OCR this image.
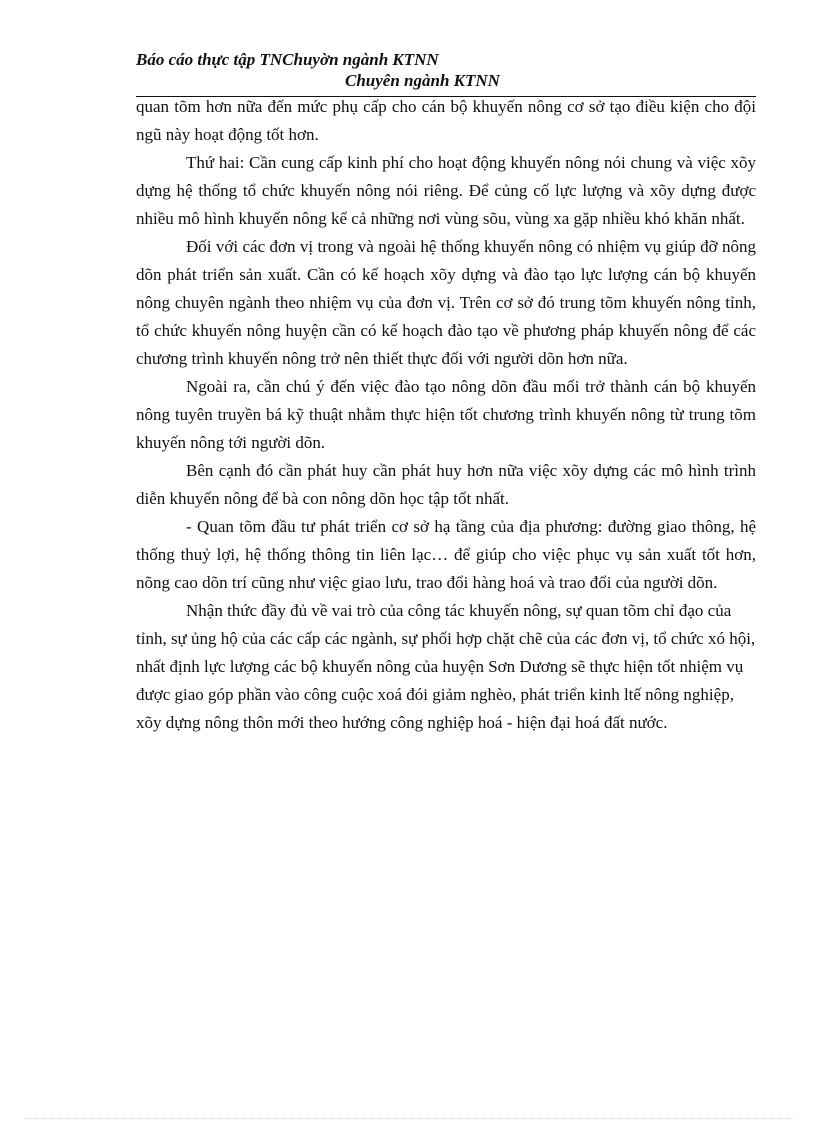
Báo cáo thực tập TNChuyờn ngành KTNN
Chuyên ngành KTNN

quan tõm hơn nữa đến mức phụ cấp cho cán bộ khuyến nông cơ sở tạo điều kiện cho đội ngũ này hoạt động tốt hơn.

Thứ hai: Cần cung cấp kinh phí cho hoạt động khuyến nông nói chung và việc xõy dựng hệ thống tổ chức khuyến nông nói riêng. Để củng cố lực lượng và xõy dựng được nhiều mô hình khuyến nông kể cả những nơi vùng sõu, vùng xa gặp nhiều khó khăn nhất.

Đối với các đơn vị trong và ngoài hệ thống khuyến nông có nhiệm vụ giúp đỡ nông dõn phát triển sản xuất. Cần có kế hoạch xõy dựng và đào tạo lực lượng cán bộ khuyến nông chuyên ngành theo nhiệm vụ của đơn vị. Trên cơ sở đó trung tõm khuyến nông tỉnh, tổ chức khuyến nông huyện cần có kế hoạch đào tạo về phương pháp khuyến nông để các chương trình khuyến nông trở nên thiết thực đối với người dõn hơn nữa.

Ngoài ra, cần chú ý đến việc đào tạo nông dõn đầu mối trở thành cán bộ khuyến nông tuyên truyền bá kỹ thuật nhằm thực hiện tốt chương trình khuyến nông từ trung tõm khuyến nông tới người dõn.

Bên cạnh đó cần phát huy cần phát huy hơn nữa việc xõy dựng các mô hình trình diễn khuyến nông để bà con nông dõn học tập tốt nhất.

- Quan tõm đầu tư phát triển cơ sở hạ tầng của địa phương: đường giao thông, hệ thống thuỷ lợi, hệ thống thông tin liên lạc… để giúp cho việc phục vụ sản xuất tốt hơn, nõng cao dõn trí cũng như việc giao lưu, trao đổi hàng hoá và trao đổi của người dõn.

Nhận thức đầy đủ về vai trò của công tác khuyến nông, sự quan tõm chỉ đạo của tỉnh, sự ủng hộ của các cấp các ngành, sự phối hợp chặt chẽ của các đơn vị, tổ chức xó hội, nhất định lực lượng các bộ khuyến nông của huyện Sơn Dương sẽ thực hiện tốt nhiệm vụ được giao góp phần vào công cuộc xoá đói giảm nghèo, phát triển kinh ltế nông nghiệp, xõy dựng nông thôn mới theo hướng công nghiệp hoá - hiện đại hoá đất nước.
